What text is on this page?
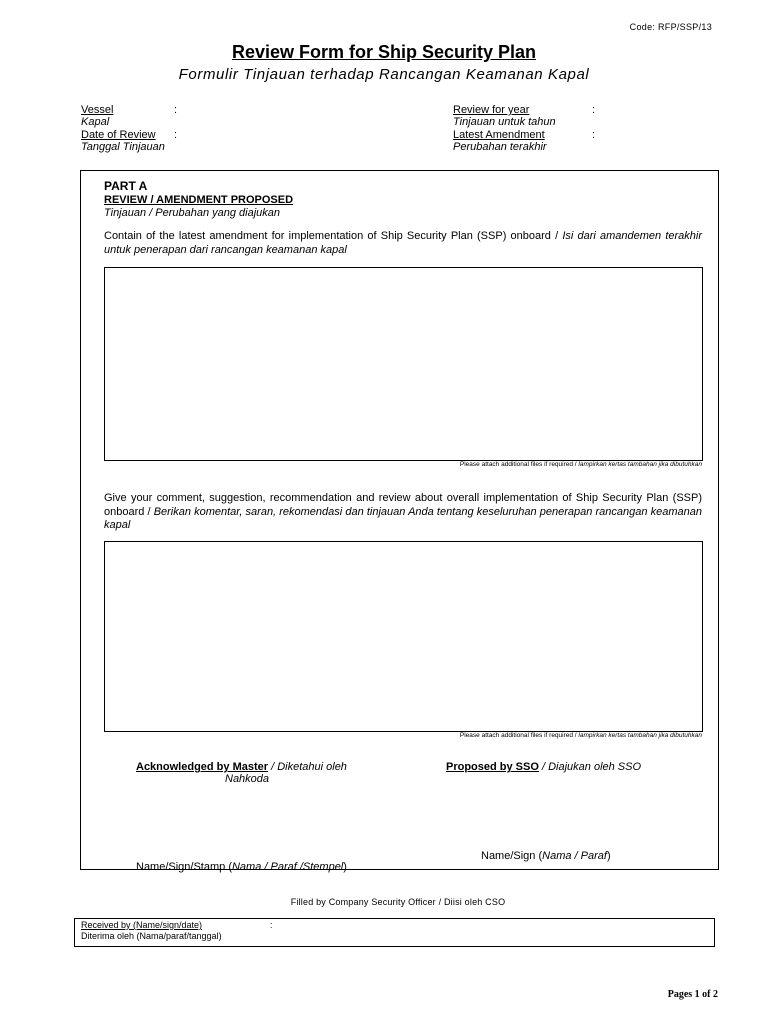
Code: RFP/SSP/13
Review Form for Ship Security Plan
Formulir Tinjauan terhadap Rancangan Keamanan Kapal
Vessel	:
Kapal
Date of Review :
Tanggal Tinjauan
Review for year	:
Tinjauan untuk tahun
Latest Amendment	:
Perubahan terakhir
PART A
REVIEW / AMENDMENT PROPOSED
Tinjauan / Perubahan yang diajukan
Contain of the latest amendment for implementation of Ship Security Plan (SSP) onboard / Isi dari amandemen terakhir untuk penerapan dari rancangan keamanan kapal
Please attach additional files if required / lampirkan kertas tambahan jika dibutuhkan
Give your comment, suggestion, recommendation and review about overall implementation of Ship Security Plan (SSP) onboard / Berikan komentar, saran, rekomendasi dan tinjauan Anda tentang keseluruhan penerapan rancangan keamanan kapal
Please attach additional files if required / lampirkan kertas tambahan jika dibutuhkan
Acknowledged by Master / Diketahui oleh
Nahkoda
Proposed by SSO / Diajukan oleh SSO
Name/Sign (Nama / Paraf)
Name/Sign/Stamp (Nama / Paraf /Stempel)
Filled by Company Security Officer / Diisi oleh CSO
Received by (Name/sign/date)	:
Diterima oleh (Nama/paraf/tanggal)
Pages 1 of 2
